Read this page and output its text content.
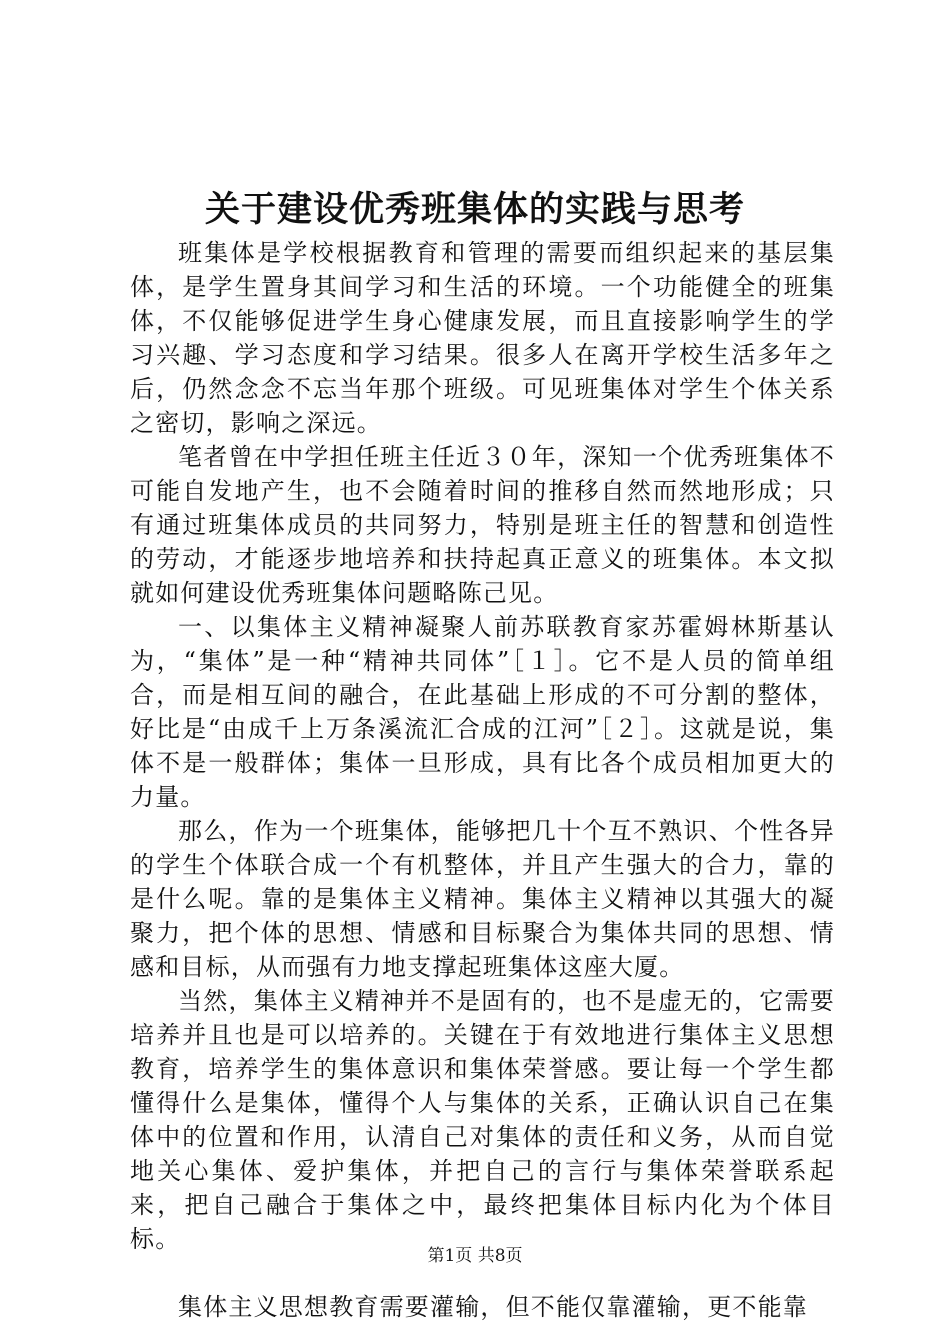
关于建设优秀班集体的实践与思考

班集体是学校根据教育和管理的需要而组织起来的基层集体，是学生置身其间学习和生活的环境。一个功能健全的班集体，不仅能够促进学生身心健康发展，而且直接影响学生的学习兴趣、学习态度和学习结果。很多人在离开学校生活多年之后，仍然念念不忘当年那个班级。可见班集体对学生个体关系之密切，影响之深远。

笔者曾在中学担任班主任近３０年，深知一个优秀班集体不可能自发地产生，也不会随着时间的推移自然而然地形成；只有通过班集体成员的共同努力，特别是班主任的智慧和创造性的劳动，才能逐步地培养和扶持起真正意义的班集体。本文拟就如何建设优秀班集体问题略陈己见。

一、以集体主义精神凝聚人前苏联教育家苏霍姆林斯基认为，“集体”是一种“精神共同体”［１］。它不是人员的简单组合，而是相互间的融合，在此基础上形成的不可分割的整体，好比是“由成千上万条溪流汇合成的江河”［２］。这就是说，集体不是一般群体；集体一旦形成，具有比各个成员相加更大的力量。

那么，作为一个班集体，能够把几十个互不熟识、个性各异的学生个体联合成一个有机整体，并且产生强大的合力，靠的是什么呢。靠的是集体主义精神。集体主义精神以其强大的凝聚力，把个体的思想、情感和目标聚合为集体共同的思想、情感和目标，从而强有力地支撑起班集体这座大厦。

当然，集体主义精神并不是固有的，也不是虚无的，它需要培养并且也是可以培养的。关键在于有效地进行集体主义思想教育，培养学生的集体意识和集体荣誉感。要让每一个学生都懂得什么是集体，懂得个人与集体的关系，正确认识自己在集体中的位置和作用，认清自己对集体的责任和义务，从而自觉地关心集体、爱护集体，并把自己的言行与集体荣誉联系起来，把自己融合于集体之中，最终把集体目标内化为个体目标。

集体主义思想教育需要灌输，但不能仅靠灌输，更不能靠

第1页 共8页
